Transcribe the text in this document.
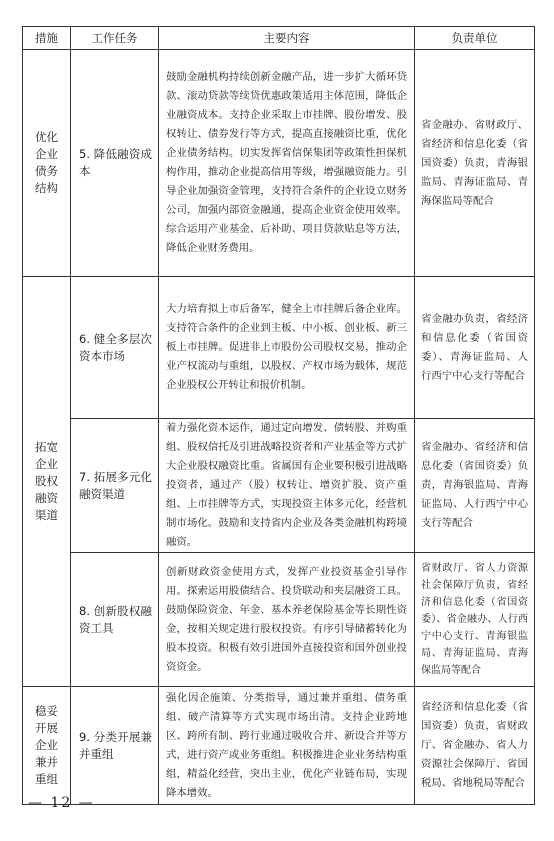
措施	工作任务	主要内容	负责单位
优化企业债务结构	5. 降低融资成本	鼓励金融机构持续创新金融产品，进一步扩大循环贷款、滚动贷款等续贷优惠政策适用主体范围，降低企业融资成本。支持企业采取上市挂牌、股份增发、股权转让、债券发行等方式，提高直接融资比重，优化企业债务结构。切实发挥省信保集团等政策性担保机构作用，推动企业提高信用等级，增强融资能力。引导企业加强资金管理，支持符合条件的企业设立财务公司，加强内部资金融通，提高企业资金使用效率。综合运用产业基金、后补助、项目贷款贴息等方法，降低企业财务费用。	省金融办、省财政厅、省经济和信息化委（省国资委）负责，青海银监局、青海证监局、青海保监局等配合

拓宽企业股权融资渠道	6. 健全多层次资本市场	大力培育拟上市后备军，健全上市挂牌后备企业库。支持符合条件的企业到主板、中小板、创业板、新三板上市挂牌。促进非上市股份公司股权交易，推动企业产权流动与重组，以股权、产权市场为载体，规范企业股权公开转让和报价机制。	省金融办负责，省经济和信息化委（省国资委）、青海证监局、人行西宁中心支行等配合

	7. 拓展多元化融资渠道	着力强化资本运作，通过定向增发、债转股、并购重组、股权信托及引进战略投资者和产业基金等方式扩大企业股权融资比重。省属国有企业要积极引进战略投资者，通过产（股）权转让、增资扩股、资产重组、上市挂牌等方式，实现投资主体多元化，经营机制市场化。鼓励和支持省内企业及各类金融机构跨境融资。	省金融办、省经济和信息化委（省国资委）负责，青海银监局、青海证监局、人行西宁中心支行等配合

	8. 创新股权融资工具	创新财政资金使用方式，发挥产业投资基金引导作用。探索运用股债结合、投贷联动和夹层融资工具。鼓励保险资金、年金、基本养老保险基金等长期性资金，按相关规定进行股权投资。有序引导储蓄转化为股本投资。积极有效引进国外直接投资和国外创业投资资金。	省财政厅、省人力资源社会保障厅负责，省经济和信息化委（省国资委）、省金融办、人行西宁中心支行、青海银监局、青海证监局、青海保监局等配合

稳妥开展企业兼并重组	9. 分类开展兼并重组	强化因企施策、分类指导，通过兼并重组、债务重组、破产清算等方式实现市场出清。支持企业跨地区、跨所有制、跨行业通过吸收合并、新设合并等方式，进行资产或业务重组。积极推进企业业务结构重组，精益化经营，突出主业，优化产业链布局，实现降本增效。	省经济和信息化委（省国资委）负责，省财政厅、省金融办、省人力资源社会保障厅、省国税局、省地税局等配合
— 12 —
